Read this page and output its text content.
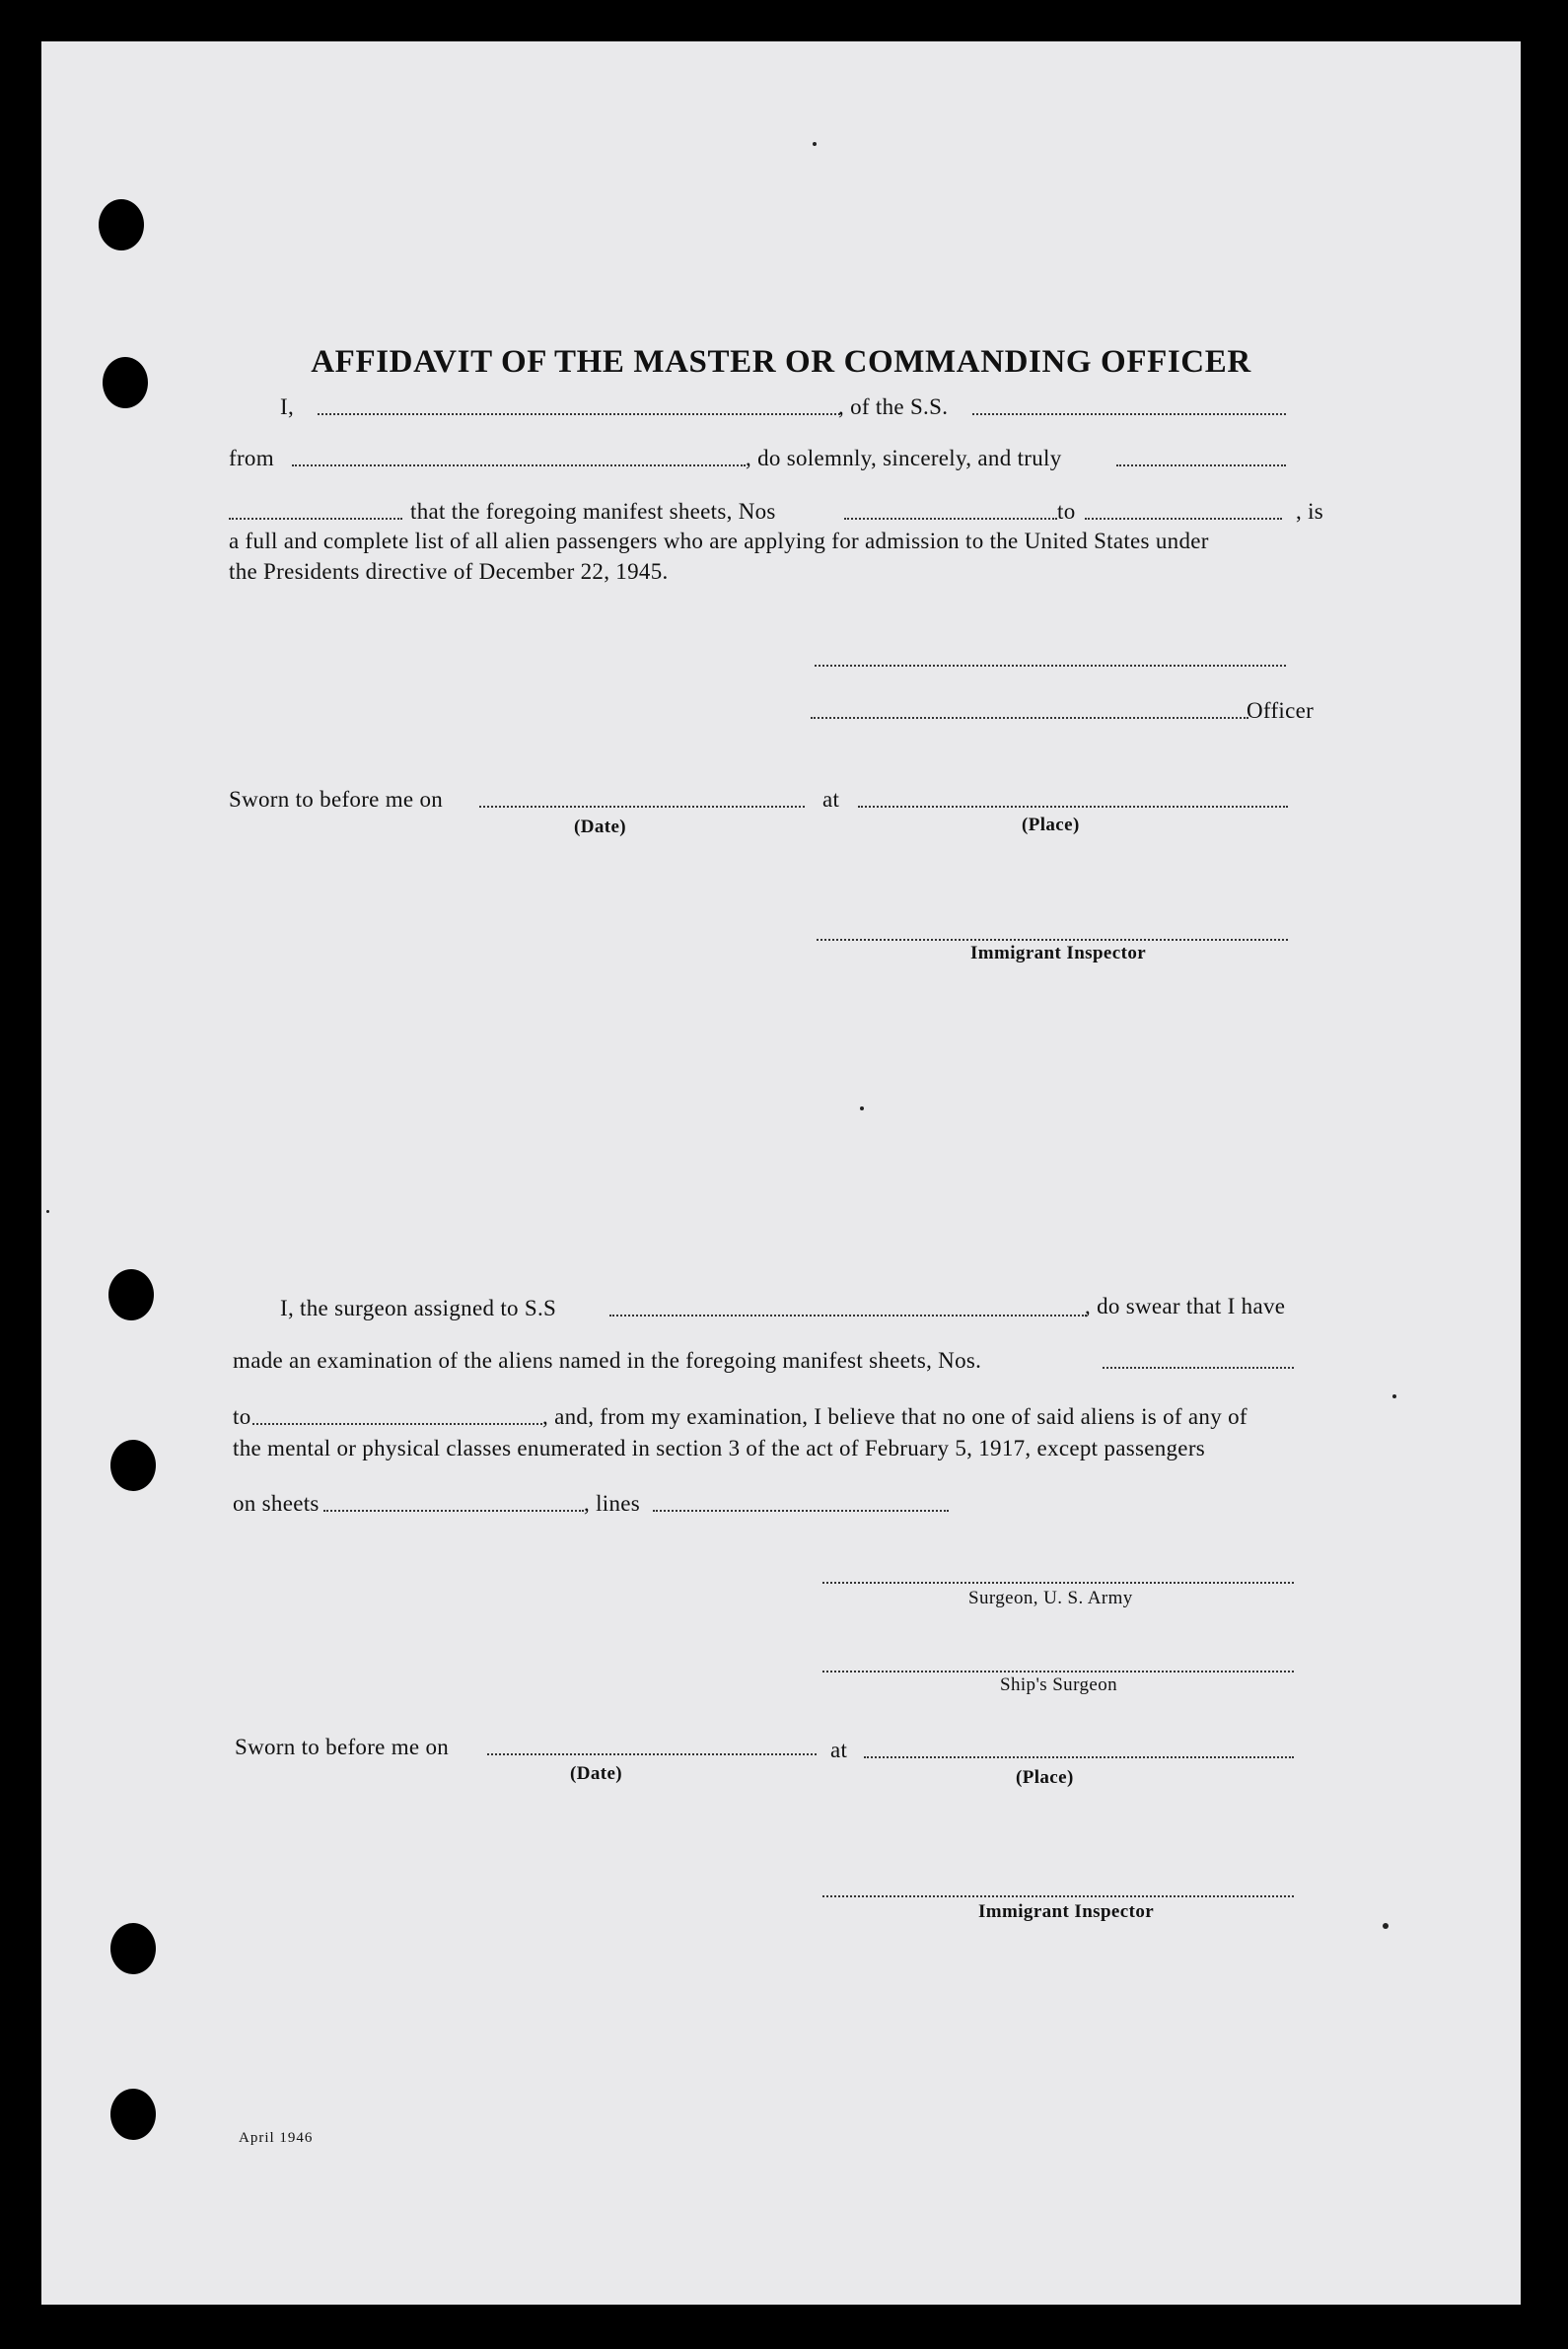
AFFIDAVIT OF THE MASTER OR COMMANDING OFFICER
I,	, of the S.S.
from	, do solemnly, sincerely, and truly
that the foregoing manifest sheets, Nos	to	, is
a full and complete list of all alien passengers who are applying for admission to the United States under
the Presidents directive of December 22, 1945.
Officer
Sworn to before me on	at
(Date)	(Place)
Immigrant Inspector
I, the surgeon assigned to S.S	, do swear that I have
made an examination of the aliens named in the foregoing manifest sheets, Nos.
to	, and, from my examination, I believe that no one of said aliens is of any of
the mental or physical classes enumerated in section 3 of the act of February 5, 1917, except passengers
on sheets	, lines
Surgeon, U. S. Army
Ship's Surgeon
Sworn to before me on	at
(Date)	(Place)
Immigrant Inspector
April 1946
